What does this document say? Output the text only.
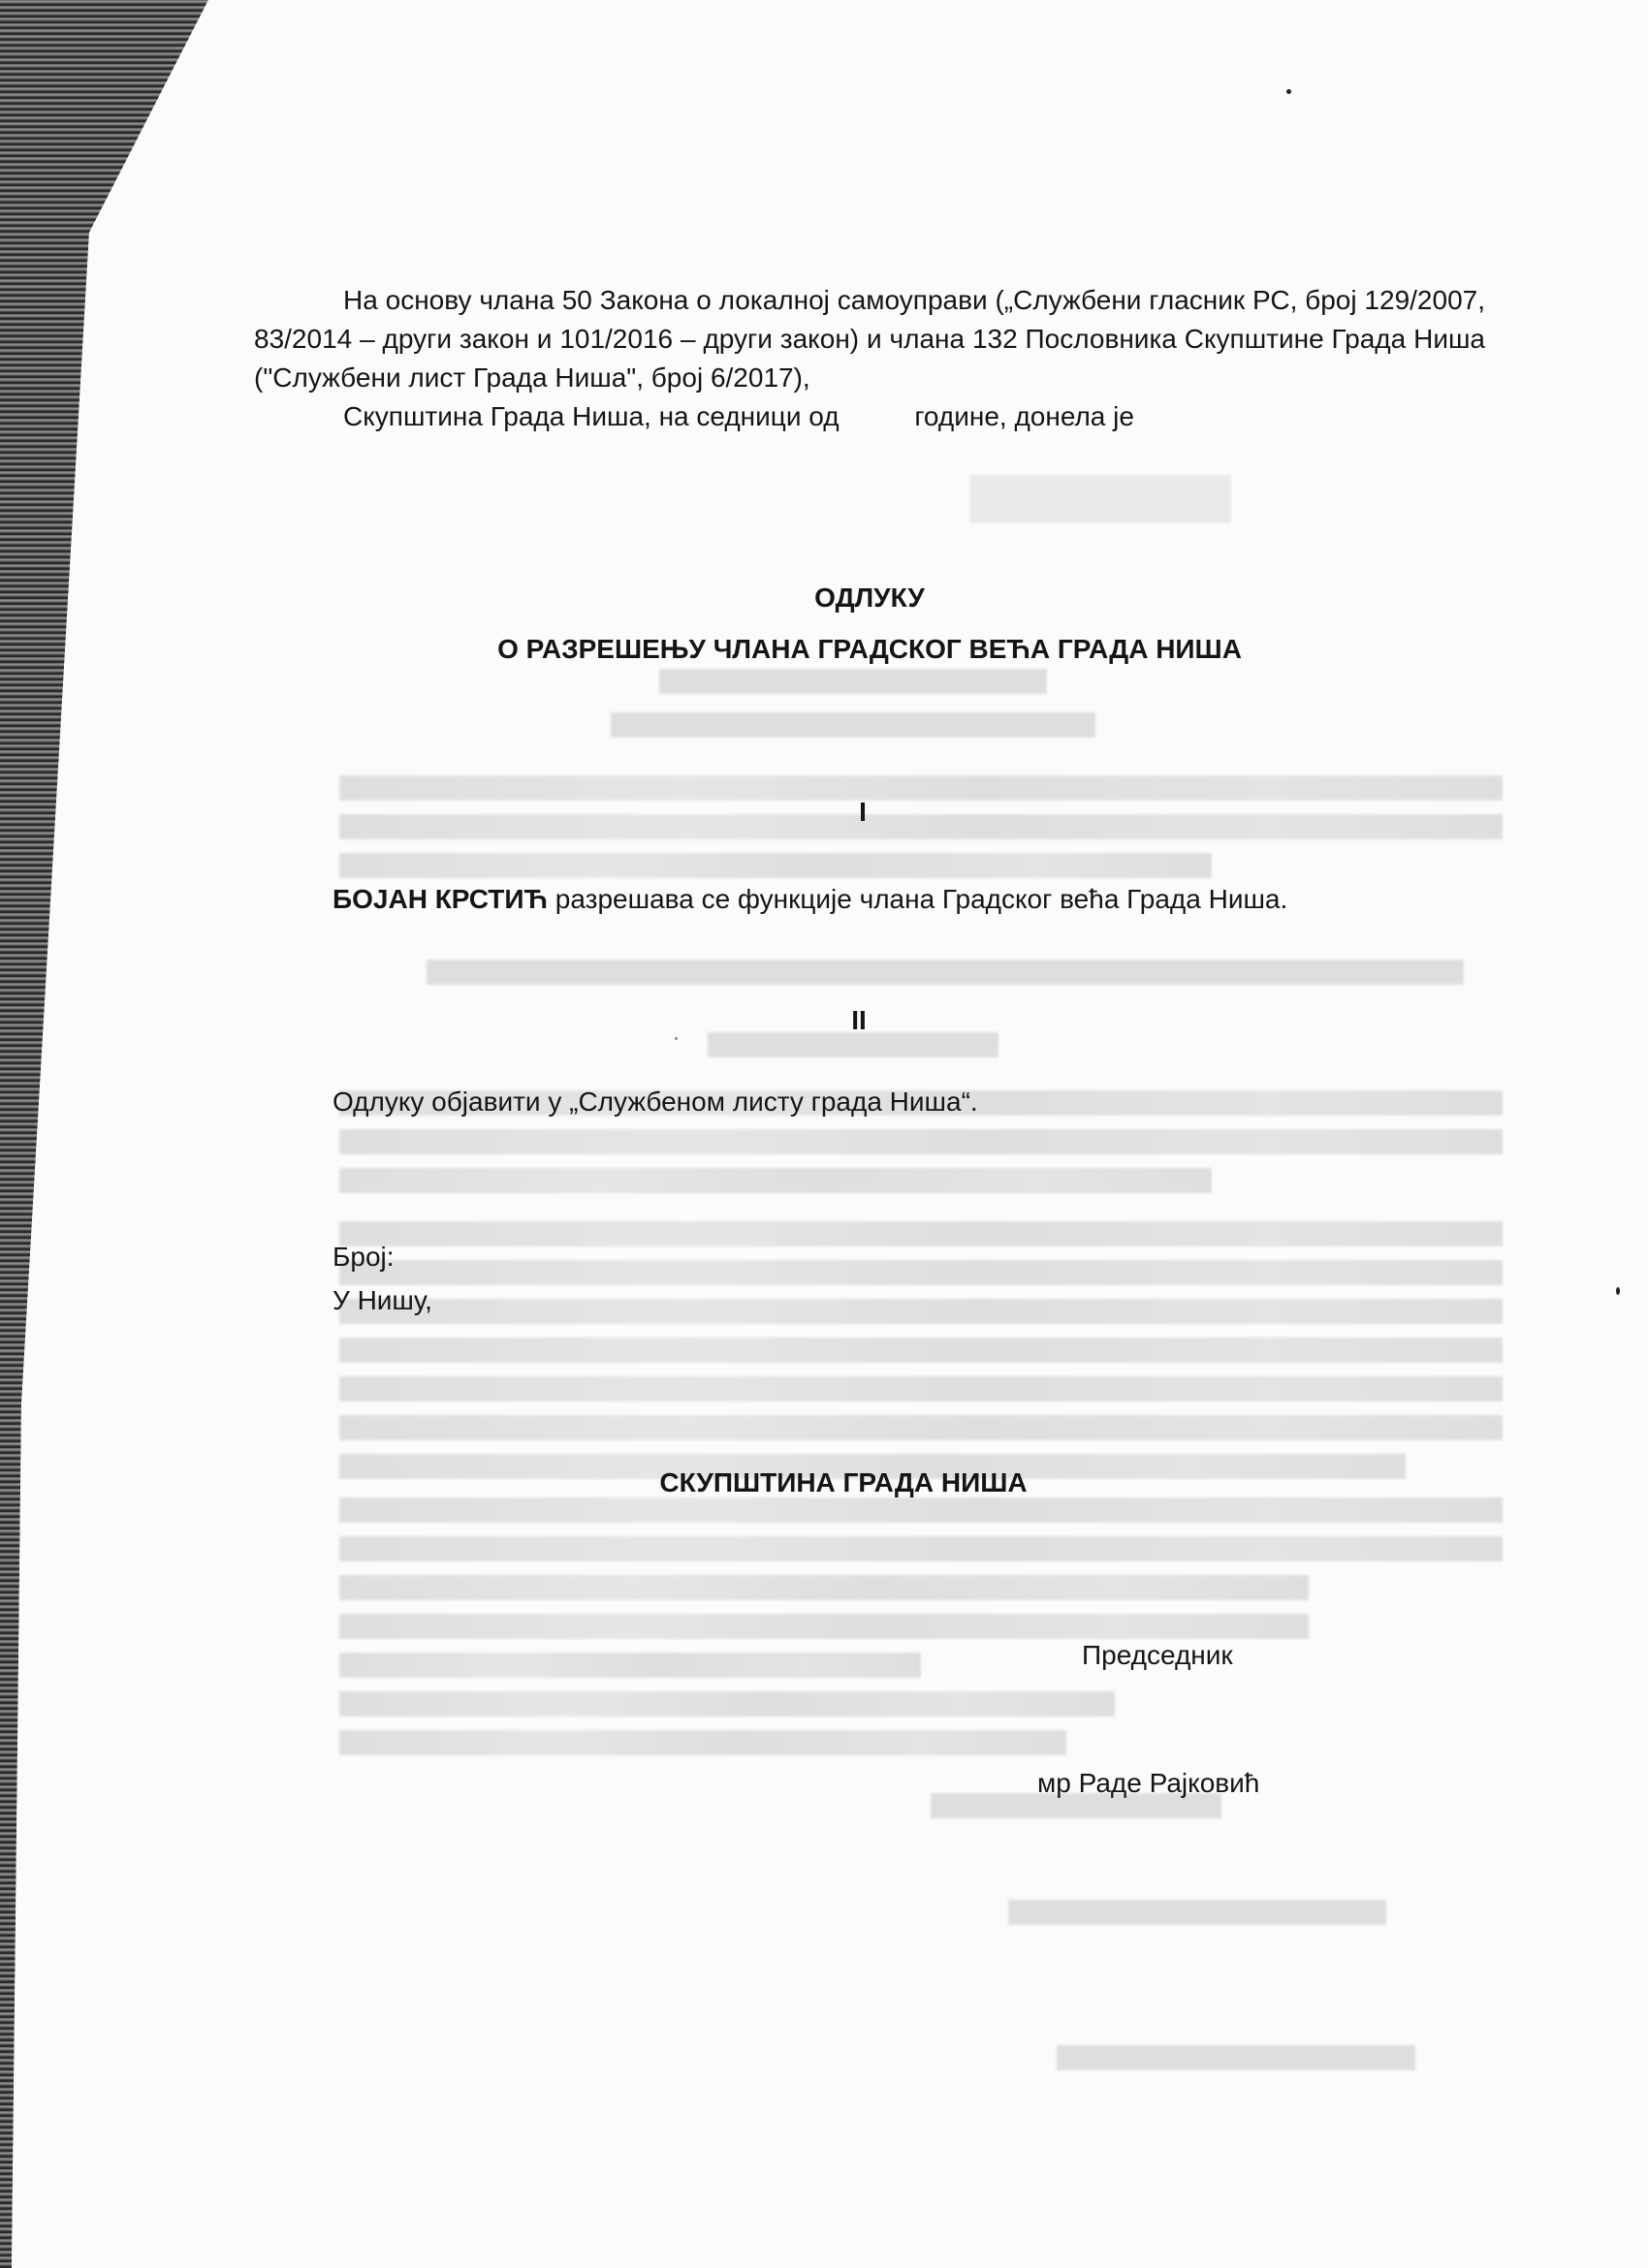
На основу члана 50 Закона о локалној самоуправи („Службени гласник РС, број 129/2007, 83/2014 – други закон и 101/2016 – други закон) и члана 132 Пословника Скупштине Града Ниша ("Службени лист Града Ниша", број 6/2017),

Скупштина Града Ниша, на седници од          године, донела је

ОДЛУКУ

О РАЗРЕШЕЊУ ЧЛАНА ГРАДСКОГ ВЕЋА ГРАДА НИША

I

БОЈАН КРСТИЋ разрешава се функције члана Градског већа Града Ниша.

II

Одлуку објавити у „Службеном листу града Ниша“.

Број:

У Нишу,

СКУПШТИНА ГРАДА НИША

Председник

мр Раде Рајковић
